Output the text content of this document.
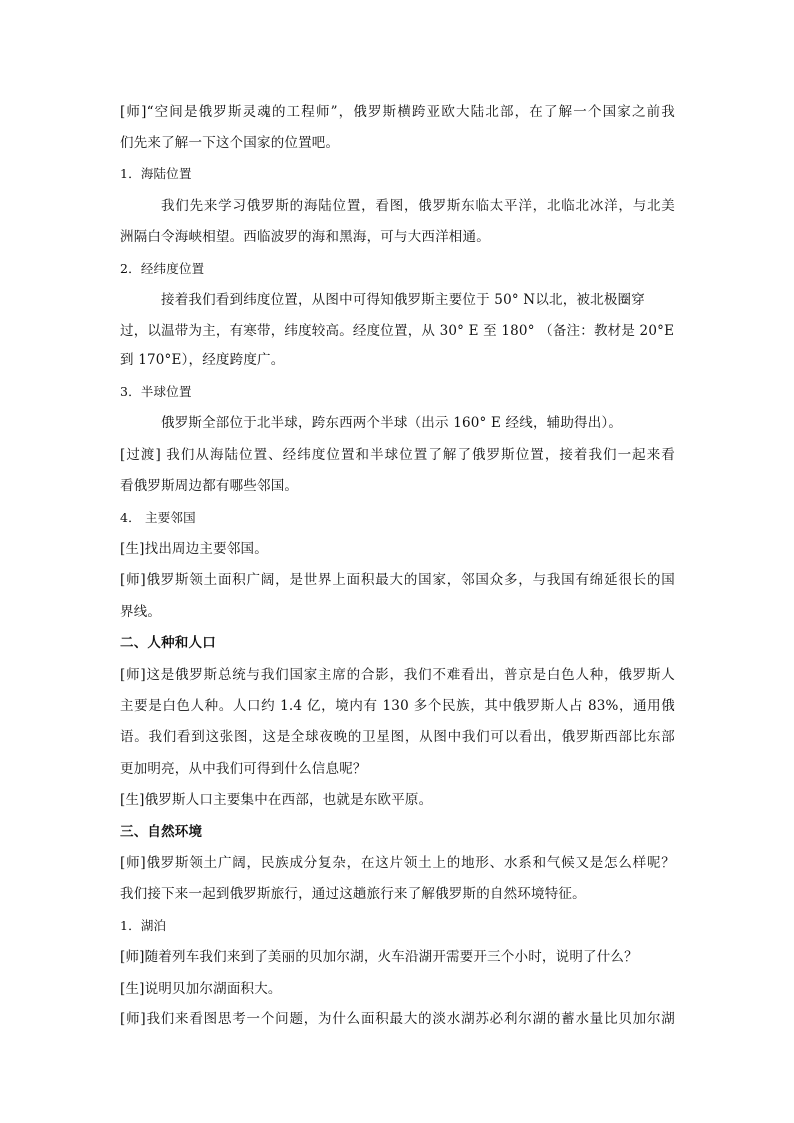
[师]“空间是俄罗斯灵魂的工程师”，俄罗斯横跨亚欧大陆北部，在了解一个国家之前我
们先来了解一下这个国家的位置吧。
1．海陆位置
我们先来学习俄罗斯的海陆位置，看图，俄罗斯东临太平洋，北临北冰洋，与北美
洲隔白令海峡相望。西临波罗的海和黑海，可与大西洋相通。
2．经纬度位置
接着我们看到纬度位置，从图中可得知俄罗斯主要位于 50° N以北，被北极圈穿
过，以温带为主，有寒带，纬度较高。经度位置，从 30° E 至 180° （备注：教材是 20°E
到 170°E），经度跨度广。
3．半球位置
俄罗斯全部位于北半球，跨东西两个半球（出示 160° E 经线，辅助得出）。
[过渡] 我们从海陆位置、经纬度位置和半球位置了解了俄罗斯位置，接着我们一起来看
看俄罗斯周边都有哪些邻国。
4． 主要邻国
[生]找出周边主要邻国。
[师]俄罗斯领土面积广阔，是世界上面积最大的国家，邻国众多，与我国有绵延很长的国
界线。
二、人种和人口
[师]这是俄罗斯总统与我们国家主席的合影，我们不难看出，普京是白色人种，俄罗斯人
主要是白色人种。人口约 1.4 亿，境内有 130 多个民族，其中俄罗斯人占 83%，通用俄
语。我们看到这张图，这是全球夜晚的卫星图，从图中我们可以看出，俄罗斯西部比东部
更加明亮，从中我们可得到什么信息呢？
[生]俄罗斯人口主要集中在西部，也就是东欧平原。
三、自然环境
[师]俄罗斯领土广阔，民族成分复杂，在这片领土上的地形、水系和气候又是怎么样呢？
我们接下来一起到俄罗斯旅行，通过这趟旅行来了解俄罗斯的自然环境特征。
1．湖泊
[师]随着列车我们来到了美丽的贝加尔湖，火车沿湖开需要开三个小时，说明了什么？
[生]说明贝加尔湖面积大。
[师]我们来看图思考一个问题，为什么面积最大的淡水湖苏必利尔湖的蓄水量比贝加尔湖
